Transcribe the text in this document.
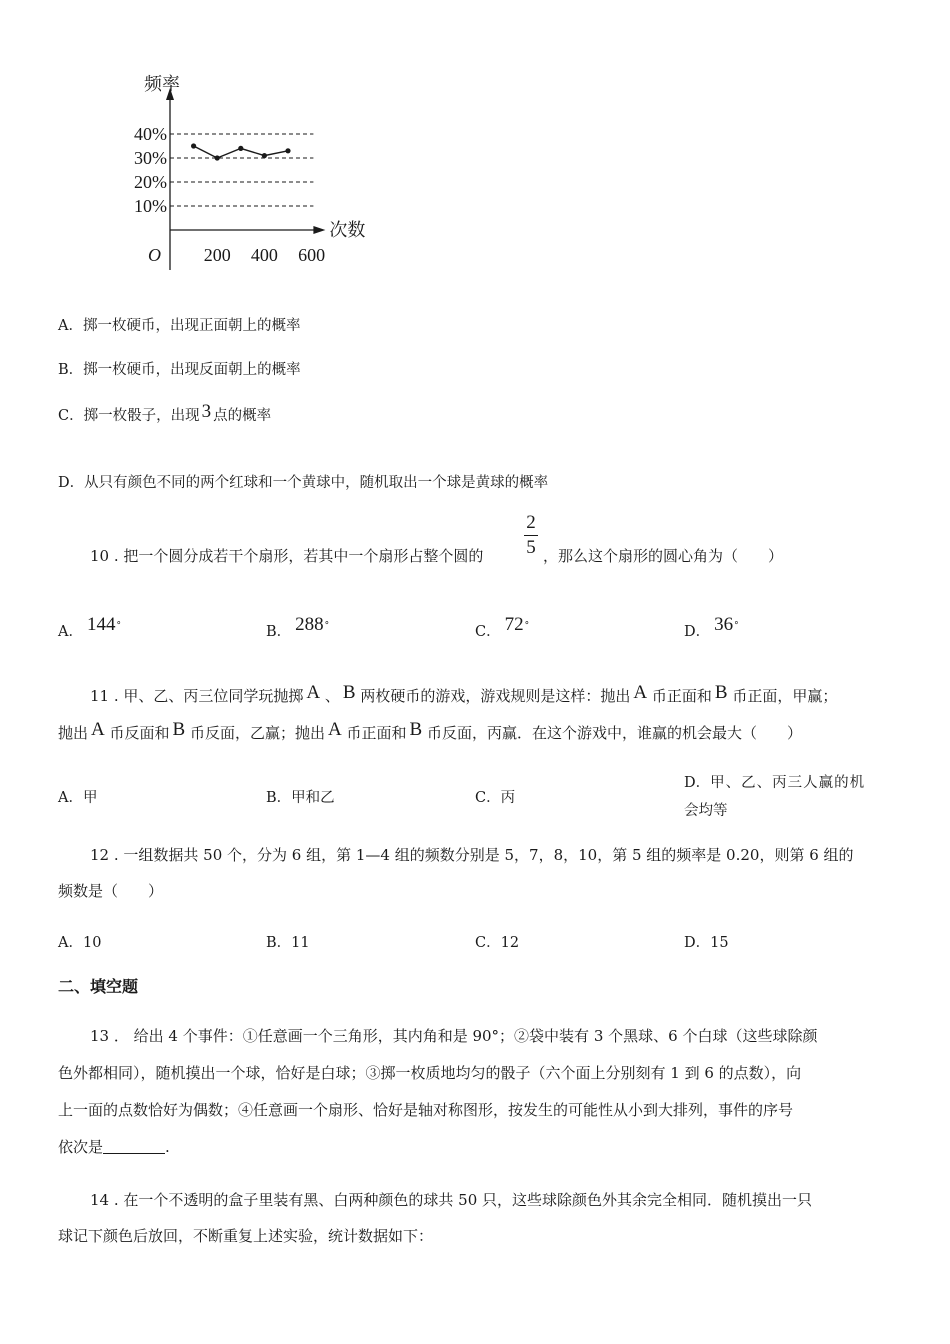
频率
次数
O
10%
20%
30%
40%
200 400 600
A．掷一枚硬币，出现正面朝上的概率
B．掷一枚硬币，出现反面朝上的概率
C．掷一枚骰子，出现 3 点的概率
D．从只有颜色不同的两个红球和一个黄球中，随机取出一个球是黄球的概率
10 . 把一个圆分成若干个扇形，若其中一个扇形占整个圆的
2
5 ，那么这个扇形的圆心角为（　　）
A． 144°	B． 288°	C． 72°	D． 36°
11 . 甲、乙、丙三位同学玩抛掷 A 、 B 两枚硬币的游戏，游戏规则是这样：抛出 A 币正面和 B 币正面，甲赢；
抛出 A 币反面和 B 币反面，乙赢；抛出 A 币正面和 B 币反面，丙赢．在这个游戏中，谁赢的机会最大（　　）
A．甲	B．甲和乙	C．丙
D．甲、乙、丙三人赢的机
会均等
12 . 一组数据共 50 个，分为 6 组，第 1—4 组的频数分别是 5，7，8，10，第 5 组的频率是 0.20，则第 6 组的
频数是（　　）
A．10	B．11	C．12	D．15
二、填空题
13 ． 给出 4 个事件：①任意画一个三角形，其内角和是 90°；②袋中装有 3 个黑球、6 个白球（这些球除颜
色外都相同），随机摸出一个球，恰好是白球；③掷一枚质地均匀的骰子（六个面上分别刻有 1 到 6 的点数），向
上一面的点数恰好为偶数；④任意画一个扇形、恰好是轴对称图形，按发生的可能性从小到大排列，事件的序号
依次是	.
14 . 在一个不透明的盒子里装有黑、白两种颜色的球共 50 只，这些球除颜色外其余完全相同．随机摸出一只
球记下颜色后放回，不断重复上述实验，统计数据如下：
